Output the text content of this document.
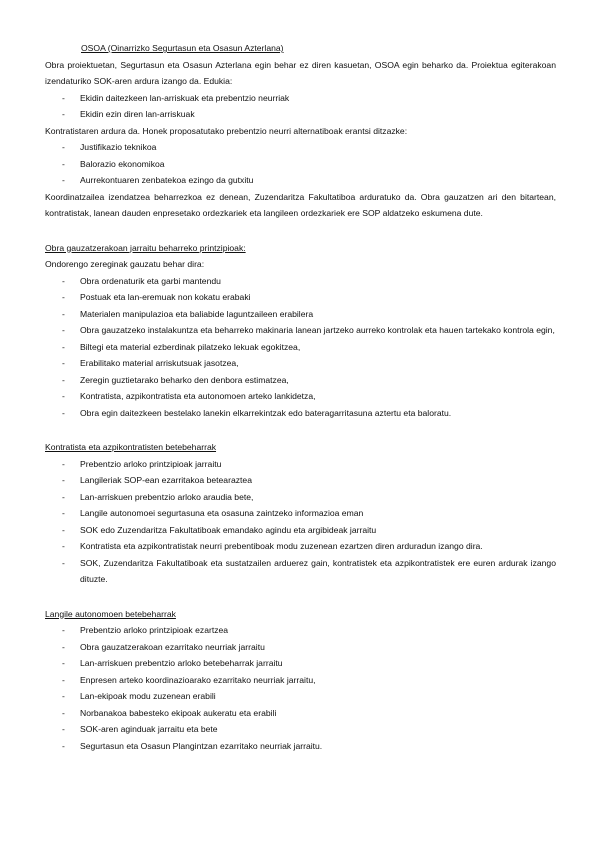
OSOA (Oinarrizko Segurtasun eta Osasun Azterlana)

Obra proiektuetan, Segurtasun eta Osasun Azterlana egin behar ez diren kasuetan, OSOA egin beharko da. Proiektua egiterakoan izendaturiko SOK-aren ardura izango da. Edukia:

- Ekidin daitezkeen lan-arriskuak eta prebentzio neurriak
- Ekidin ezin diren lan-arriskuak

Kontratistaren ardura da. Honek proposatutako prebentzio neurri alternatiboak erantsi ditzazke:

- Justifikazio teknikoa
- Balorazio ekonomikoa
- Aurrekontuaren zenbatekoa ezingo da gutxitu

Koordinatzailea izendatzea beharrezkoa ez denean, Zuzendaritza Fakultatiboa arduratuko da. Obra gauzatzen ari den bitartean, kontratistak, lanean dauden enpresetako ordezkariek eta langileen ordezkariek ere SOP aldatzeko eskumena dute.

Obra gauzatzerakoan jarraitu beharreko printzipioak:

Ondorengo zereginak gauzatu behar dira:

- Obra ordenaturik eta garbi mantendu
- Postuak eta lan-eremuak non kokatu erabaki
- Materialen manipulazioa eta baliabide laguntzaileen erabilera
- Obra gauzatzeko instalakuntza eta beharreko makinaria lanean jartzeko aurreko kontrolak eta hauen tartekako kontrola egin,
- Biltegi eta material ezberdinak pilatzeko lekuak egokitzea,
- Erabilitako material arriskutsuak jasotzea,
- Zeregin guztietarako beharko den denbora estimatzea,
- Kontratista, azpikontratista eta autonomoen arteko lankidetza,
- Obra egin daitezkeen bestelako lanekin elkarrekintzak edo bateragarritasuna aztertu eta baloratu.

Kontratista eta azpikontratisten betebeharrak

- Prebentzio arloko printzipioak jarraitu
- Langileriak SOP-ean ezarritakoa betearaztea
- Lan-arriskuen prebentzio arloko araudia bete,
- Langile autonomoei segurtasuna eta osasuna zaintzeko informazioa eman
- SOK edo Zuzendaritza Fakultatiboak emandako agindu eta argibideak jarraitu
- Kontratista eta azpikontratistak neurri prebentiboak modu zuzenean ezartzen diren arduradun izango dira.
- SOK, Zuzendaritza Fakultatiboak eta sustatzailen arduerez gain, kontratistek eta azpikontratistek ere euren ardurak izango dituzte.

Langile autonomoen betebeharrak

- Prebentzio arloko printzipioak ezartzea
- Obra gauzatzerakoan ezarritako neurriak jarraitu
- Lan-arriskuen prebentzio arloko betebeharrak jarraitu
- Enpresen arteko koordinazioarako ezarritako neurriak jarraitu,
- Lan-ekipoak modu zuzenean erabili
- Norbanakoa babesteko ekipoak aukeratu eta erabili
- SOK-aren aginduak jarraitu eta bete
- Segurtasun eta Osasun Plangintzan ezarritako neurriak jarraitu.
